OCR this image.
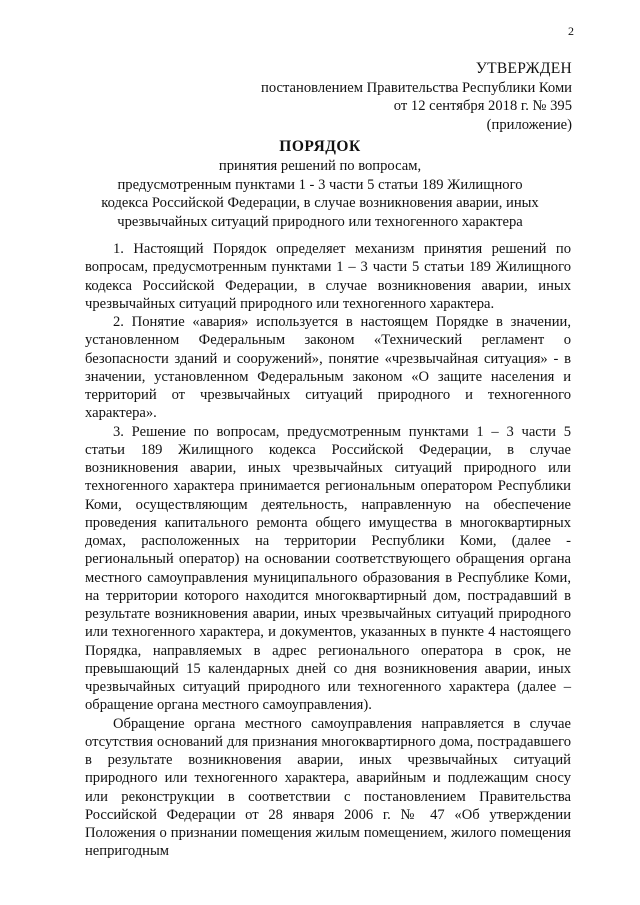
2
УТВЕРЖДЕН
постановлением Правительства Республики Коми
от 12 сентября 2018 г. № 395
(приложение)
ПОРЯДОК
принятия решений по вопросам,
предусмотренным пунктами 1 - 3 части 5 статьи 189 Жилищного
кодекса Российской Федерации, в случае возникновения аварии, иных
чрезвычайных ситуаций природного или техногенного характера

1. Настоящий Порядок определяет механизм принятия решений по вопросам, предусмотренным пунктами 1 – 3 части 5 статьи 189 Жилищного кодекса Российской Федерации, в случае возникновения аварии, иных чрезвычайных ситуаций природного или техногенного характера.

2. Понятие «авария» используется в настоящем Порядке в значении, установленном Федеральным законом «Технический регламент о безопасности зданий и сооружений», понятие «чрезвычайная ситуация» - в значении, установленном Федеральным законом «О защите населения и территорий от чрезвычайных ситуаций природного и техногенного характера».

3. Решение по вопросам, предусмотренным пунктами 1 – 3 части 5 статьи 189 Жилищного кодекса Российской Федерации, в случае возникновения аварии, иных чрезвычайных ситуаций природного или техногенного характера принимается региональным оператором Республики Коми, осуществляющим деятельность, направленную на обеспечение проведения капитального ремонта общего имущества в многоквартирных домах, расположенных на территории Республики Коми, (далее - региональный оператор) на основании соответствующего обращения органа местного самоуправления муниципального образования в Республике Коми, на территории которого находится многоквартирный дом, пострадавший в результате возникновения аварии, иных чрезвычайных ситуаций природного или техногенного характера, и документов, указанных в пункте 4 настоящего Порядка, направляемых в адрес регионального оператора в срок, не превышающий 15 календарных дней со дня возникновения аварии, иных чрезвычайных ситуаций природного или техногенного характера (далее – обращение органа местного самоуправления).

Обращение органа местного самоуправления направляется в случае отсутствия оснований для признания многоквартирного дома, пострадавшего в результате возникновения аварии, иных чрезвычайных ситуаций природного или техногенного характера, аварийным и подлежащим сносу или реконструкции в соответствии с постановлением Правительства Российской Федерации от 28 января 2006 г. № 47 «Об утверждении Положения о признании помещения жилым помещением, жилого помещения непригодным
